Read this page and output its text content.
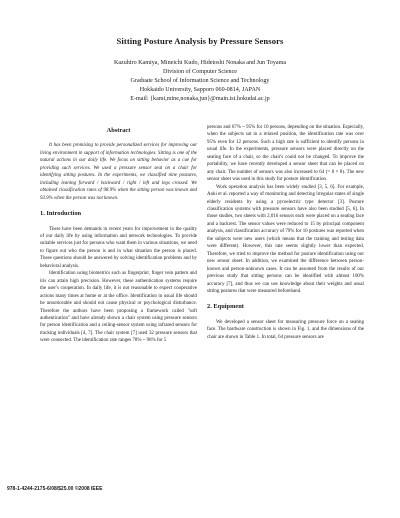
Sitting Posture Analysis by Pressure Sensors
Kazuhiro Kamiya, Mineichi Kudo, Hidetoshi Nonaka and Jun Toyama
Division of Computer Science
Graduate School of Information Science and Technology
Hokkaido University, Sapporo 060-0814, JAPAN
E-mail: {kami,mine,nonaka,jun}@main.ist.hokudai.ac.jp
Abstract

It has been promising to provide personalized services for improving our living environment in support of information technologies. Sitting is one of the natural actions in our daily life. We focus on sitting behavior as a cue for providing such services. We used a pressure sensor seat on a chair for identifying sitting postures. In the experiments, we classified nine postures, including leaning forward / backward / right / left and legs crossed. We obtained classification rates of 98.9% when the sitting person was known and 93.9% when the person was not known.

1. Introduction

There have been demands in recent years for improvement in the quality of our daily life by using information and network technologies. To provide suitable services just for persons who want them in various situations, we need to figure out who the person is and in what situation the person is placed. These questions should be answered by solving identification problems and by behavioral analysis.

Identification using biometrics such as fingerprint, finger vein pattern and iris can attain high precision. However, these authentication systems require the user's cooperation. In daily life, it is not reasonable to expect cooperative actions many times at home or at the office. Identification in usual life should be unnoticeable and should not cause physical or psychological disturbance. Therefore the authors have been proposing a framework called "soft authentication" and have already shown a chair system using pressure sensors for person identification and a ceiling-sensor system using infrared sensors for tracking individuals [4, 7]. The chair system [7] used 32 pressure sensors that were connected. The identification rate ranges 78% ~ 98% for 5

persons and 67% ~ 95% for 10 persons, depending on the situation. Especially, when the subjects sat in a relaxed position, the identification rate was over 95% even for 12 persons. Such a high rate is sufficient to identify persons in usual life. In the experiments, pressure sensors were placed directly on the seating face of a chair, so the chair's could not be changed. To improve the portability, we have recently developed a sensor sheet that can be placed on any chair. The number of sensors was also increased to 64 (= 8 × 8). The new sensor sheet was used in this study for posture identification.

Work operation analysis has been widely studied [3, 5, 6]. For example, Aoki et al. reported a way of monitoring and detecting irregular states of single elderly residents by using a pyroelectric type detector [3]. Posture classification systems with pressure sensors have also been studied [5, 6]. In those studies, two sheets with 2,016 sensors each were placed on a seating face and a backrest. The sensor values were reduced to 15 by principal component analysis, and classification accuracy of 79% for 10 postures was reported when the subjects were new users (which means that the training and testing data were different). However, this rate seems slightly lower than expected. Therefore, we tried to improve the method for posture identification using our new sensor sheet. In addition, we examined the difference between person-known and person-unknown cases. It can be assumed from the results of our previous study that sitting persons can be identified with almost 100% accuracy [7], and thus we can use knowledge about their weights and usual sitting postures that were measured beforehand.

2. Equipment

We developed a sensor sheet for measuring pressure force on a seating face. The hardware construction is shown in Fig. 1, and the dimensions of the chair are shown in Table 1. In total, 64 pressure sensors are

978-1-4244-2175-6/08/$25.00 ©2008 IEEE
